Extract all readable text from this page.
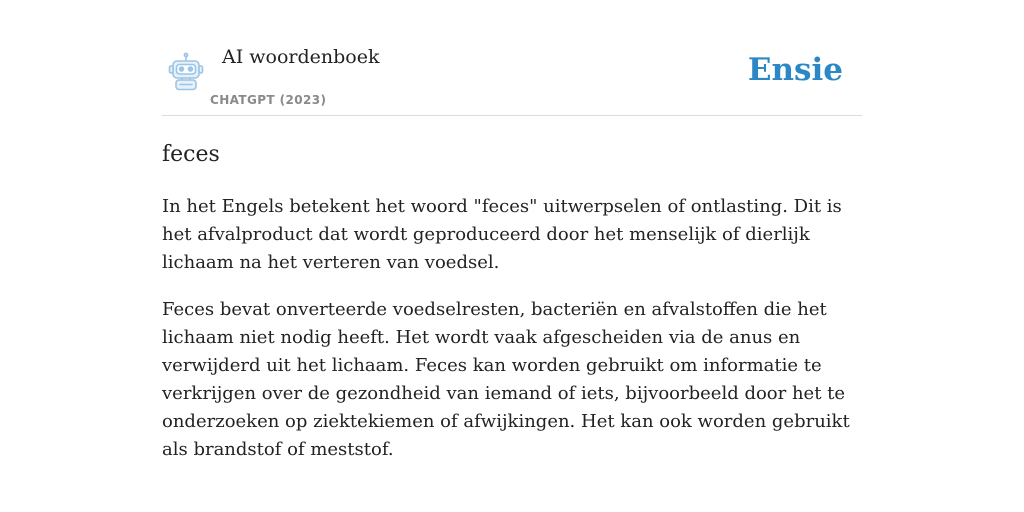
AI woordenboek
CHATGPT (2023)
Ensie
feces

In het Engels betekent het woord "feces" uitwerpselen of ontlasting. Dit is het afvalproduct dat wordt geproduceerd door het menselijk of dierlijk lichaam na het verteren van voedsel.

Feces bevat onverteerde voedselresten, bacteriën en afvalstoffen die het lichaam niet nodig heeft. Het wordt vaak afgescheiden via de anus en verwijderd uit het lichaam. Feces kan worden gebruikt om informatie te verkrijgen over de gezondheid van iemand of iets, bijvoorbeeld door het te onderzoeken op ziektekiemen of afwijkingen. Het kan ook worden gebruikt als brandstof of meststof.
